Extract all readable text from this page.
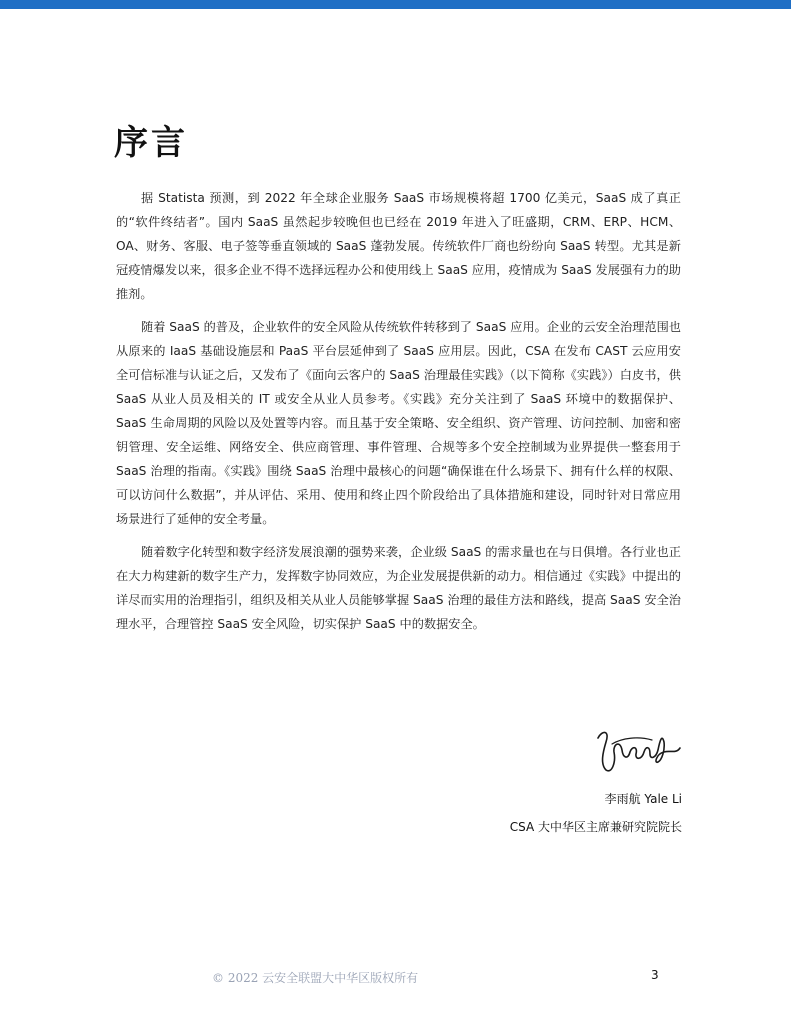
序言

据 Statista 预测，到 2022 年全球企业服务 SaaS 市场规模将超 1700 亿美元，SaaS 成了真正的“软件终结者”。国内 SaaS 虽然起步较晚但也已经在 2019 年进入了旺盛期，CRM、ERP、HCM、OA、财务、客服、电子签等垂直领域的 SaaS 蓬勃发展。传统软件厂商也纷纷向 SaaS 转型。尤其是新冠疫情爆发以来，很多企业不得不选择远程办公和使用线上 SaaS 应用，疫情成为 SaaS 发展强有力的助推剂。

随着 SaaS 的普及，企业软件的安全风险从传统软件转移到了 SaaS 应用。企业的云安全治理范围也从原来的 IaaS 基础设施层和 PaaS 平台层延伸到了 SaaS 应用层。因此，CSA 在发布 CAST 云应用安全可信标准与认证之后，又发布了《面向云客户的 SaaS 治理最佳实践》（以下简称《实践》）白皮书，供 SaaS 从业人员及相关的 IT 或安全从业人员参考。《实践》充分关注到了 SaaS 环境中的数据保护、SaaS 生命周期的风险以及处置等内容。而且基于安全策略、安全组织、资产管理、访问控制、加密和密钥管理、安全运维、网络安全、供应商管理、事件管理、合规等多个安全控制域为业界提供一整套用于 SaaS 治理的指南。《实践》围绕 SaaS 治理中最核心的问题“确保谁在什么场景下、拥有什么样的权限、可以访问什么数据”，并从评估、采用、使用和终止四个阶段给出了具体措施和建设，同时针对日常应用场景进行了延伸的安全考量。

随着数字化转型和数字经济发展浪潮的强势来袭，企业级 SaaS 的需求量也在与日俱增。各行业也正在大力构建新的数字生产力，发挥数字协同效应，为企业发展提供新的动力。相信通过《实践》中提出的详尽而实用的治理指引，组织及相关从业人员能够掌握 SaaS 治理的最佳方法和路线，提高 SaaS 安全治理水平，合理管控 SaaS 安全风险，切实保护 SaaS 中的数据安全。

李雨航 Yale Li
CSA 大中华区主席兼研究院院长
© 2022 云安全联盟大中华区版权所有	3
